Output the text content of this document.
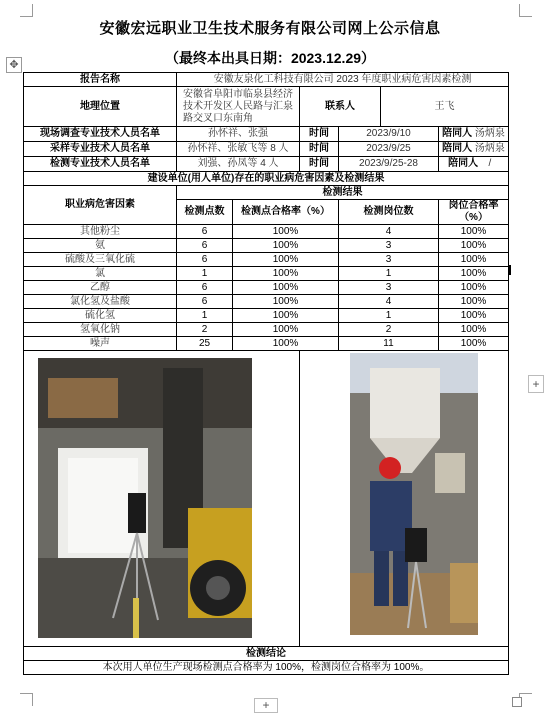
安徽宏远职业卫生技术服务有限公司网上公示信息
（最终本出具日期：2023.12.29）
✥
报告名称	安徽友泉化工科技有限公司 2023 年度职业病危害因素检测					
地理位置	安徽省阜阳市临泉县经济技术开发区人民路与汇泉路交叉口东南角		联系人		王飞	
现场调查专业技术人员名单	孙怀祥、张强		时间	2023/9/10		陪同人 汤炳泉
采样专业技术人员名单	孙怀祥、张敏飞等 8 人		时间	2023/9/25		陪同人 汤炳泉
检测专业技术人员名单	刘强、孙凤等 4 人		时间	2023/9/25-28		陪同人 /
建设单位(用人单位)存在的职业病危害因素及检测结果						
职业病危害因素	检测结果					
	检测点数	检测点合格率（%）		检测岗位数		岗位合格率（%）
其他粉尘	6	100%		4		100%
氨	6	100%		3		100%
硫酸及三氧化硫	6	100%		3		100%
氯	1	100%		1		100%
乙醇	6	100%		3		100%
氯化氢及盐酸	6	100%		4		100%
硫化氢	1	100%		1		100%
氢氧化钠	2	100%		2		100%
噪声	25	100%		11		100%

检测结论						
本次用人单位生产现场检测点合格率为 100%，检测岗位合格率为 100%。						
+
+
